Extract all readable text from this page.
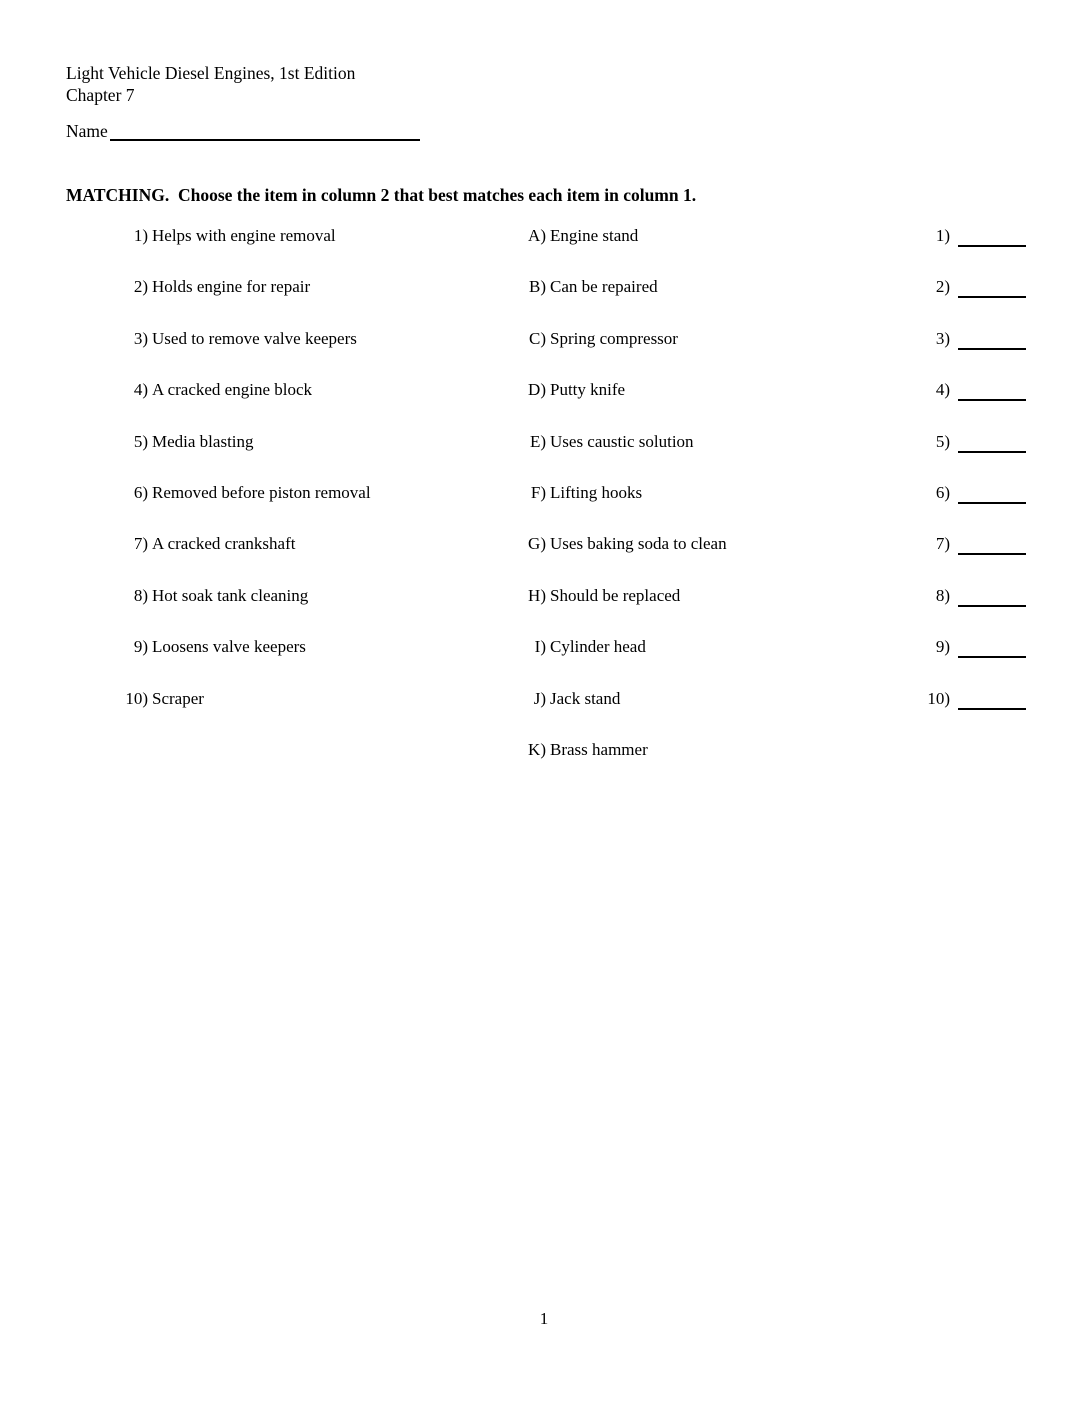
Light Vehicle Diesel Engines, 1st Edition
Chapter 7
Name
MATCHING.  Choose the item in column 2 that best matches each item in column 1.
1) Helps with engine removal	A) Engine stand	1)
2) Holds engine for repair	B) Can be repaired	2)
3) Used to remove valve keepers	C) Spring compressor	3)
4) A cracked engine block	D) Putty knife	4)
5) Media blasting	E) Uses caustic solution	5)
6) Removed before piston removal	F) Lifting hooks	6)
7) A cracked crankshaft	G) Uses baking soda to clean	7)
8) Hot soak tank cleaning	H) Should be replaced	8)
9) Loosens valve keepers	I) Cylinder head	9)
10) Scraper	J) Jack stand	10)
K) Brass hammer
1
